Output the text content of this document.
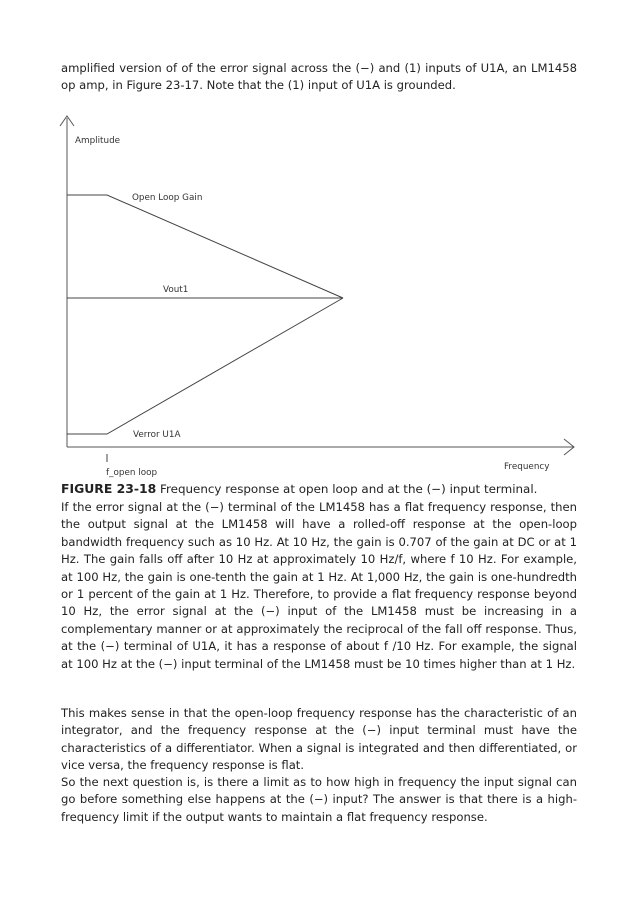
amplified version of of the error signal across the (−) and (1) inputs of U1A, an LM1458 op amp, in Figure 23-17. Note that the (1) input of U1A is grounded.

Amplitude
Open Loop Gain
Vout1
Verror U1A
Frequency
f_open loop

FIGURE 23-18 Frequency response at open loop and at the (−) input terminal.

If the error signal at the (−) terminal of the LM1458 has a flat frequency response, then the output signal at the LM1458 will have a rolled-off response at the open-loop bandwidth frequency such as 10 Hz. At 10 Hz, the gain is 0.707 of the gain at DC or at 1 Hz. The gain falls off after 10 Hz at approximately 10 Hz/f, where f 10 Hz. For example, at 100 Hz, the gain is one-tenth the gain at 1 Hz. At 1,000 Hz, the gain is one-hundredth or 1 percent of the gain at 1 Hz. Therefore, to provide a flat frequency response beyond 10 Hz, the error signal at the (−) input of the LM1458 must be increasing in a complementary manner or at approximately the reciprocal of the fall off response. Thus, at the (−) terminal of U1A, it has a response of about f /10 Hz. For example, the signal at 100 Hz at the (−) input terminal of the LM1458 must be 10 times higher than at 1 Hz.

This makes sense in that the open-loop frequency response has the characteristic of an integrator, and the frequency response at the (−) input terminal must have the characteristics of a differentiator. When a signal is integrated and then differentiated, or vice versa, the frequency response is flat.

So the next question is, is there a limit as to how high in frequency the input signal can go before something else happens at the (−) input? The answer is that there is a high-frequency limit if the output wants to maintain a flat frequency response.
